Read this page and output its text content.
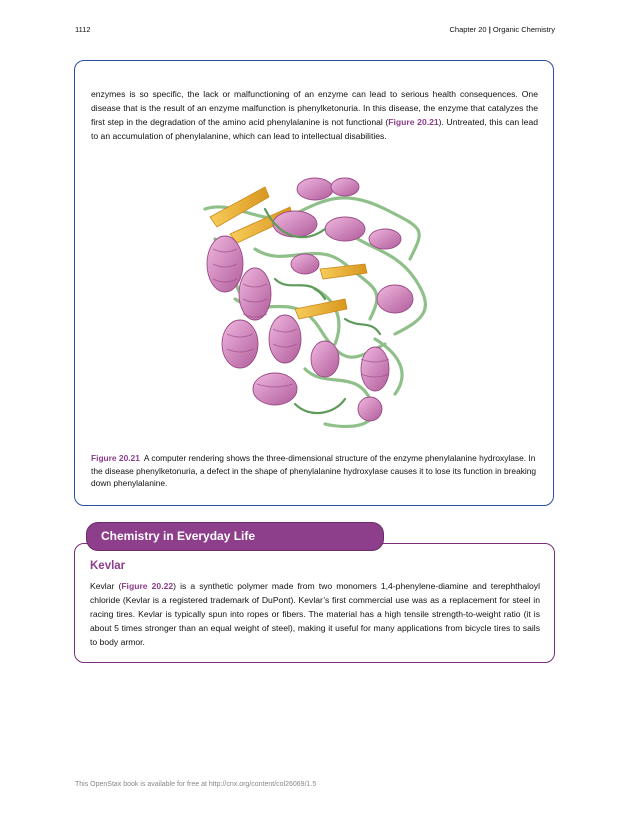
1112	Chapter 20 | Organic Chemistry

enzymes is so specific, the lack or malfunctioning of an enzyme can lead to serious health consequences. One disease that is the result of an enzyme malfunction is phenylketonuria. In this disease, the enzyme that catalyzes the first step in the degradation of the amino acid phenylalanine is not functional (Figure 20.21). Untreated, this can lead to an accumulation of phenylalanine, which can lead to intellectual disabilities.

Figure 20.21 A computer rendering shows the three-dimensional structure of the enzyme phenylalanine hydroxylase. In the disease phenylketonuria, a defect in the shape of phenylalanine hydroxylase causes it to lose its function in breaking down phenylalanine.

Kevlar

Kevlar (Figure 20.22) is a synthetic polymer made from two monomers 1,4-phenylene-diamine and terephthaloyl chloride (Kevlar is a registered trademark of DuPont). Kevlar’s first commercial use was as a replacement for steel in racing tires. Kevlar is typically spun into ropes or fibers. The material has a high tensile strength-to-weight ratio (it is about 5 times stronger than an equal weight of steel), making it useful for many applications from bicycle tires to sails to body armor.

Chemistry in Everyday Life
This OpenStax book is available for free at http://cnx.org/content/col26069/1.5
